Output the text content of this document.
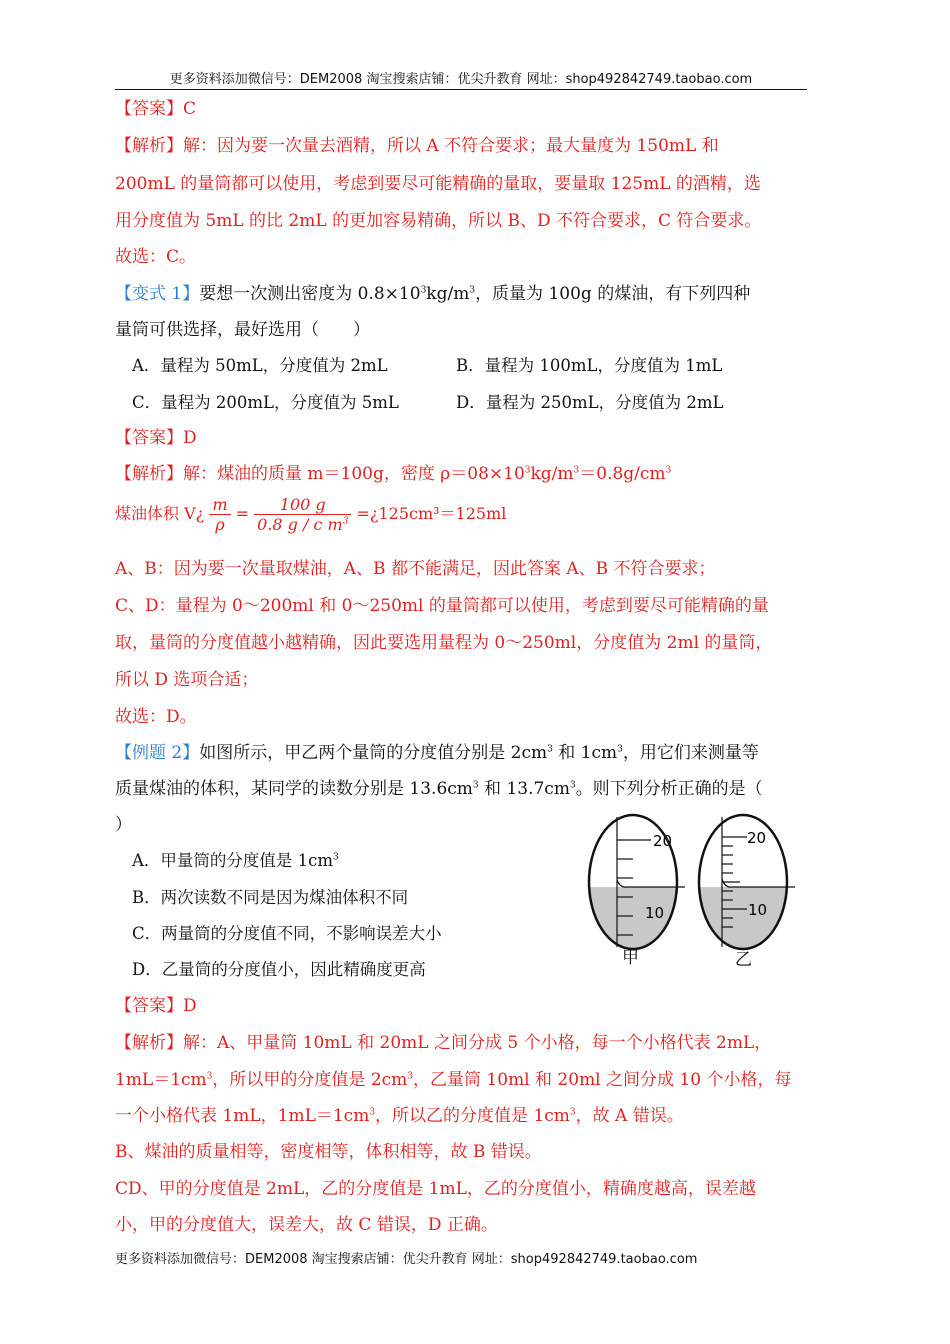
更多资料添加微信号：DEM2008 淘宝搜索店铺：优尖升教育 网址：shop492842749.taobao.com
【答案】C
【解析】解：因为要一次量去酒精，所以 A 不符合要求；最大量度为 150mL 和
200mL 的量筒都可以使用，考虑到要尽可能精确的量取，要量取 125mL 的酒精，选
用分度值为 5mL 的比 2mL 的更加容易精确，所以 B、D 不符合要求，C 符合要求。
故选：C。
【变式 1】要想一次测出密度为 $0.8\times 10^3kg/m^3$，质量为 100g 的煤油，有下列四种
量筒可供选择，最好选用（　　）
A．量程为 50mL，分度值为 2mL	B．量程为 100mL，分度值为 1mL
C．量程为 200mL，分度值为 5mL	D．量程为 250mL，分度值为 2mL
【答案】D
【解析】解：煤油的质量 m＝100g，密度 $\rho=08\times 10^3kg/m^3=0.8g/cm^3$
煤油体积 V¿ $\frac{m}{\rho} = \frac{100 g}{0.8 g / c m^3}$ =¿125cm³＝125ml
A、B：因为要一次量取煤油，A、B 都不能满足，因此答案 A、B 不符合要求；
C、D：量程为 0～200ml 和 0～250ml 的量筒都可以使用，考虑到要尽可能精确的量
取，量筒的分度值越小越精确，因此要选用量程为 0～250ml，分度值为 2ml 的量筒，
所以 D 选项合适；
故选：D。
【例题 2】如图所示，甲乙两个量筒的分度值分别是 $2cm^3$ 和 $1cm^3$，用它们来测量等
质量煤油的体积，某同学的读数分别是 $13.6cm^3$ 和 $13.7cm^3$。则下列分析正确的是（
）
A．甲量筒的分度值是 $1cm^3$
B．两次读数不同是因为煤油体积不同
C．两量筒的分度值不同，不影响误差大小
D．乙量筒的分度值小，因此精确度更高
20
10
20
10
甲	乙
【答案】D
【解析】解：A、甲量筒 10mL 和 20mL 之间分成 5 个小格，每一个小格代表 2mL，
$1mL=1cm^3$，所以甲的分度值是 $2cm^3$，乙量筒 10ml 和 20ml 之间分成 10 个小格，每
一个小格代表 1mL，$1mL=1cm^3$，所以乙的分度值是 $1cm^3$，故 A 错误。
B、煤油的质量相等，密度相等，体积相等，故 B 错误。
CD、甲的分度值是 2mL，乙的分度值是 1mL，乙的分度值小，精确度越高，误差越
小，甲的分度值大，误差大，故 C 错误，D 正确。
更多资料添加微信号：DEM2008 淘宝搜索店铺：优尖升教育 网址：shop492842749.taobao.com
